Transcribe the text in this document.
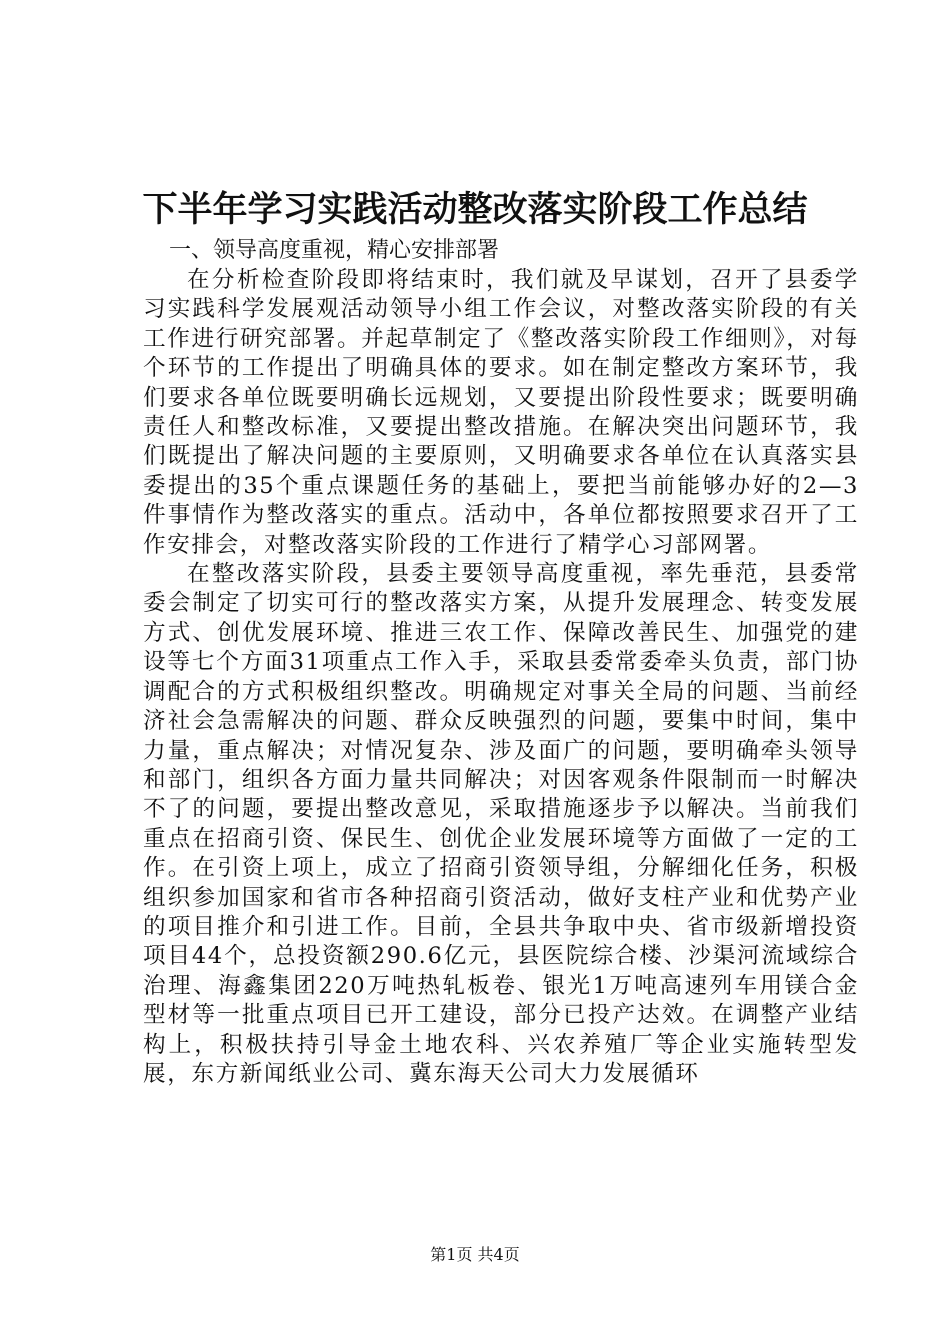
下半年学习实践活动整改落实阶段工作总结

一、领导高度重视，精心安排部署

在分析检查阶段即将结束时，我们就及早谋划，召开了县委学习实践科学发展观活动领导小组工作会议，对整改落实阶段的有关工作进行研究部署。并起草制定了《整改落实阶段工作细则》，对每个环节的工作提出了明确具体的要求。如在制定整改方案环节，我们要求各单位既要明确长远规划，又要提出阶段性要求；既要明确责任人和整改标准，又要提出整改措施。在解决突出问题环节，我们既提出了解决问题的主要原则，又明确要求各单位在认真落实县委提出的35个重点课题任务的基础上，要把当前能够办好的2—3件事情作为整改落实的重点。活动中，各单位都按照要求召开了工作安排会，对整改落实阶段的工作进行了精学心习部网署。

在整改落实阶段，县委主要领导高度重视，率先垂范，县委常委会制定了切实可行的整改落实方案，从提升发展理念、转变发展方式、创优发展环境、推进三农工作、保障改善民生、加强党的建设等七个方面31项重点工作入手，采取县委常委牵头负责，部门协调配合的方式积极组织整改。明确规定对事关全局的问题、当前经济社会急需解决的问题、群众反映强烈的问题，要集中时间，集中力量，重点解决；对情况复杂、涉及面广的问题，要明确牵头领导和部门，组织各方面力量共同解决；对因客观条件限制而一时解决不了的问题，要提出整改意见，采取措施逐步予以解决。当前我们重点在招商引资、保民生、创优企业发展环境等方面做了一定的工作。在引资上项上，成立了招商引资领导组，分解细化任务，积极组织参加国家和省市各种招商引资活动，做好支柱产业和优势产业的项目推介和引进工作。目前，全县共争取中央、省市级新增投资项目44个，总投资额290.6亿元，县医院综合楼、沙渠河流域综合治理、海鑫集团220万吨热轧板卷、银光1万吨高速列车用镁合金型材等一批重点项目已开工建设，部分已投产达效。在调整产业结构上，积极扶持引导金土地农科、兴农养殖厂等企业实施转型发展，东方新闻纸业公司、冀东海天公司大力发展循环

第1页 共4页
